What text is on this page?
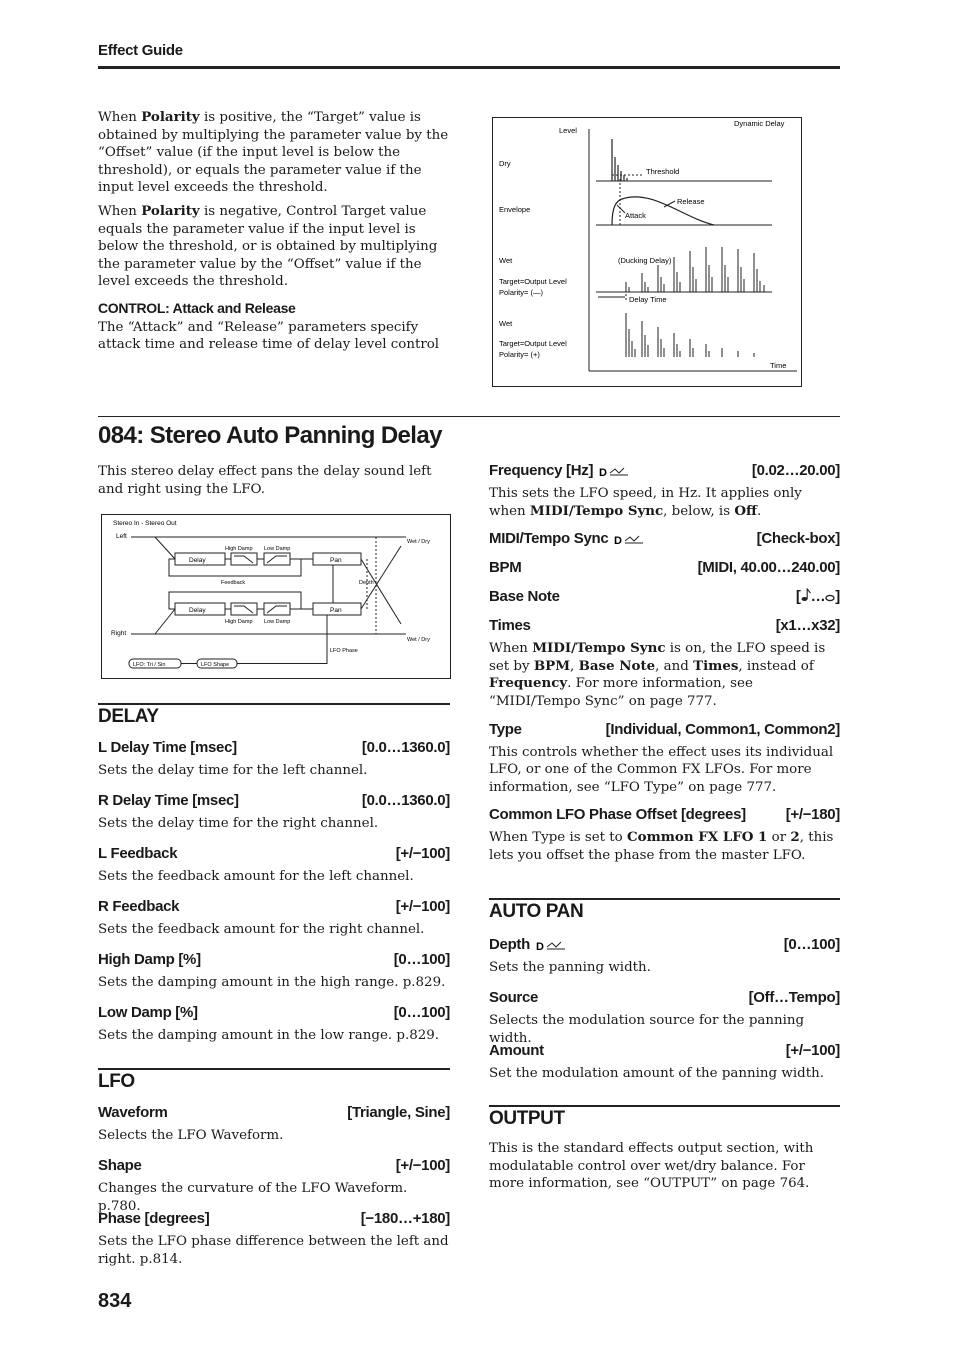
Effect Guide

When Polarity is positive, the “Target” value is obtained by multiplying the parameter value by the “Offset” value (if the input level is below the threshold), or equals the parameter value if the input level exceeds the threshold.

When Polarity is negative, Control Target value equals the parameter value if the input level is below the threshold, or is obtained by multiplying the parameter value by the “Offset” value if the level exceeds the threshold.

CONTROL: Attack and Release

The “Attack” and “Release” parameters specify attack time and release time of delay level control

Dynamic Delay
Level
Dry
Threshold
Envelope
Release
Attack
Wet	(Ducking Delay)
Target=Output Level
Polarity= (—)
Delay Time
Wet
Target=Output Level
Polarity= (+)
Time
084: Stereo Auto Panning Delay
This stereo delay effect pans the delay sound left and right using the LFO.
Stereo In - Stereo Out
Left
Right
Delay
Delay
High Damp Low Damp
High Damp Low Damp
Feedback
Pan
Pan
Depth
Wet / Dry
Wet / Dry
LFO Phase
LFO: Tri / Sin	LFO Shape
DELAY
L Delay Time [msec]	[0.0…1360.0]
Sets the delay time for the left channel.
R Delay Time [msec]	[0.0…1360.0]
Sets the delay time for the right channel.
L Feedback	[+/−100]
Sets the feedback amount for the left channel.
R Feedback	[+/−100]
Sets the feedback amount for the right channel.
High Damp [%]	[0…100]
Sets the damping amount in the high range. p.829.
Low Damp [%]	[0…100]
Sets the damping amount in the low range. p.829.
LFO
Waveform	[Triangle, Sine]
Selects the LFO Waveform.
Shape	[+/−100]
Changes the curvature of the LFO Waveform. p.780.
Phase [degrees]	[−180…+180]
Sets the LFO phase difference between the left and right. p.814.
Frequency [Hz] D	[0.02…20.00]
This sets the LFO speed, in Hz. It applies only when MIDI/Tempo Sync, below, is Off.
MIDI/Tempo Sync D	[Check-box]
BPM	[MIDI, 40.00…240.00]
Base Note	[ … ]
Times	[x1…x32]
When MIDI/Tempo Sync is on, the LFO speed is set by BPM, Base Note, and Times, instead of Frequency. For more information, see “MIDI/Tempo Sync” on page 777.
Type	[Individual, Common1, Common2]
This controls whether the effect uses its individual LFO, or one of the Common FX LFOs. For more information, see “LFO Type” on page 777.
Common LFO Phase Offset [degrees]	[+/−180]
When Type is set to Common FX LFO 1 or 2, this lets you offset the phase from the master LFO.
AUTO PAN
Depth D	[0…100]
Sets the panning width.
Source	[Off…Tempo]
Selects the modulation source for the panning width.
Amount	[+/−100]
Set the modulation amount of the panning width.
OUTPUT
This is the standard effects output section, with modulatable control over wet/dry balance. For more information, see “OUTPUT” on page 764.
834
